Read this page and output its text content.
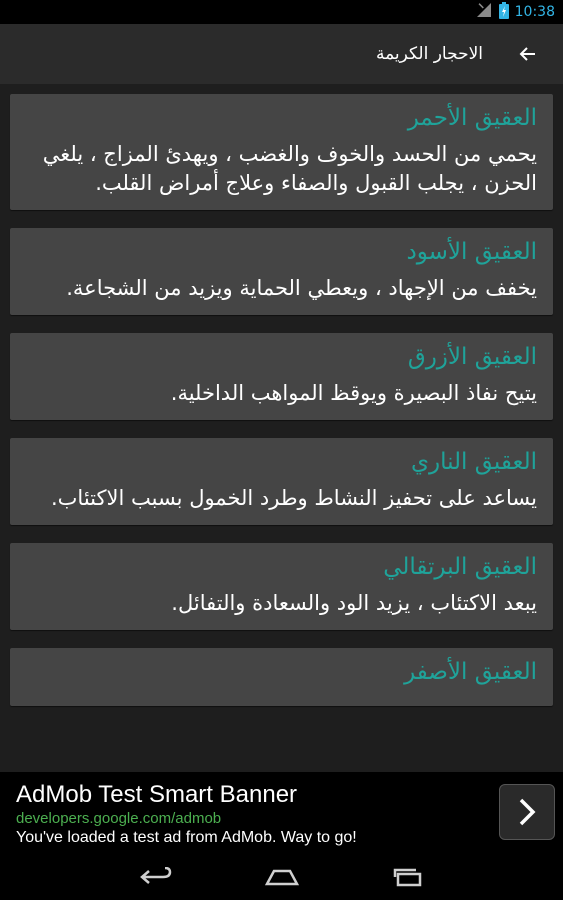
10:38
الاحجار الكريمة
العقيق الأحمر
يحمي من الحسد والخوف والغضب ، ويهدئ المزاج ، يلغي الحزن ، يجلب القبول والصفاء وعلاج أمراض القلب.
العقيق الأسود
يخفف من الإجهاد ، ويعطي الحماية ويزيد من الشجاعة.
العقيق الأزرق
يتيح نفاذ البصيرة ويوقظ المواهب الداخلية.
العقيق الناري
يساعد على تحفيز النشاط وطرد الخمول بسبب الاكتئاب.
العقيق البرتقالي
يبعد الاكتئاب ، يزيد الود والسعادة والتفائل.
العقيق الأصفر
AdMob Test Smart Banner
developers.google.com/admob
You've loaded a test ad from AdMob. Way to go!
